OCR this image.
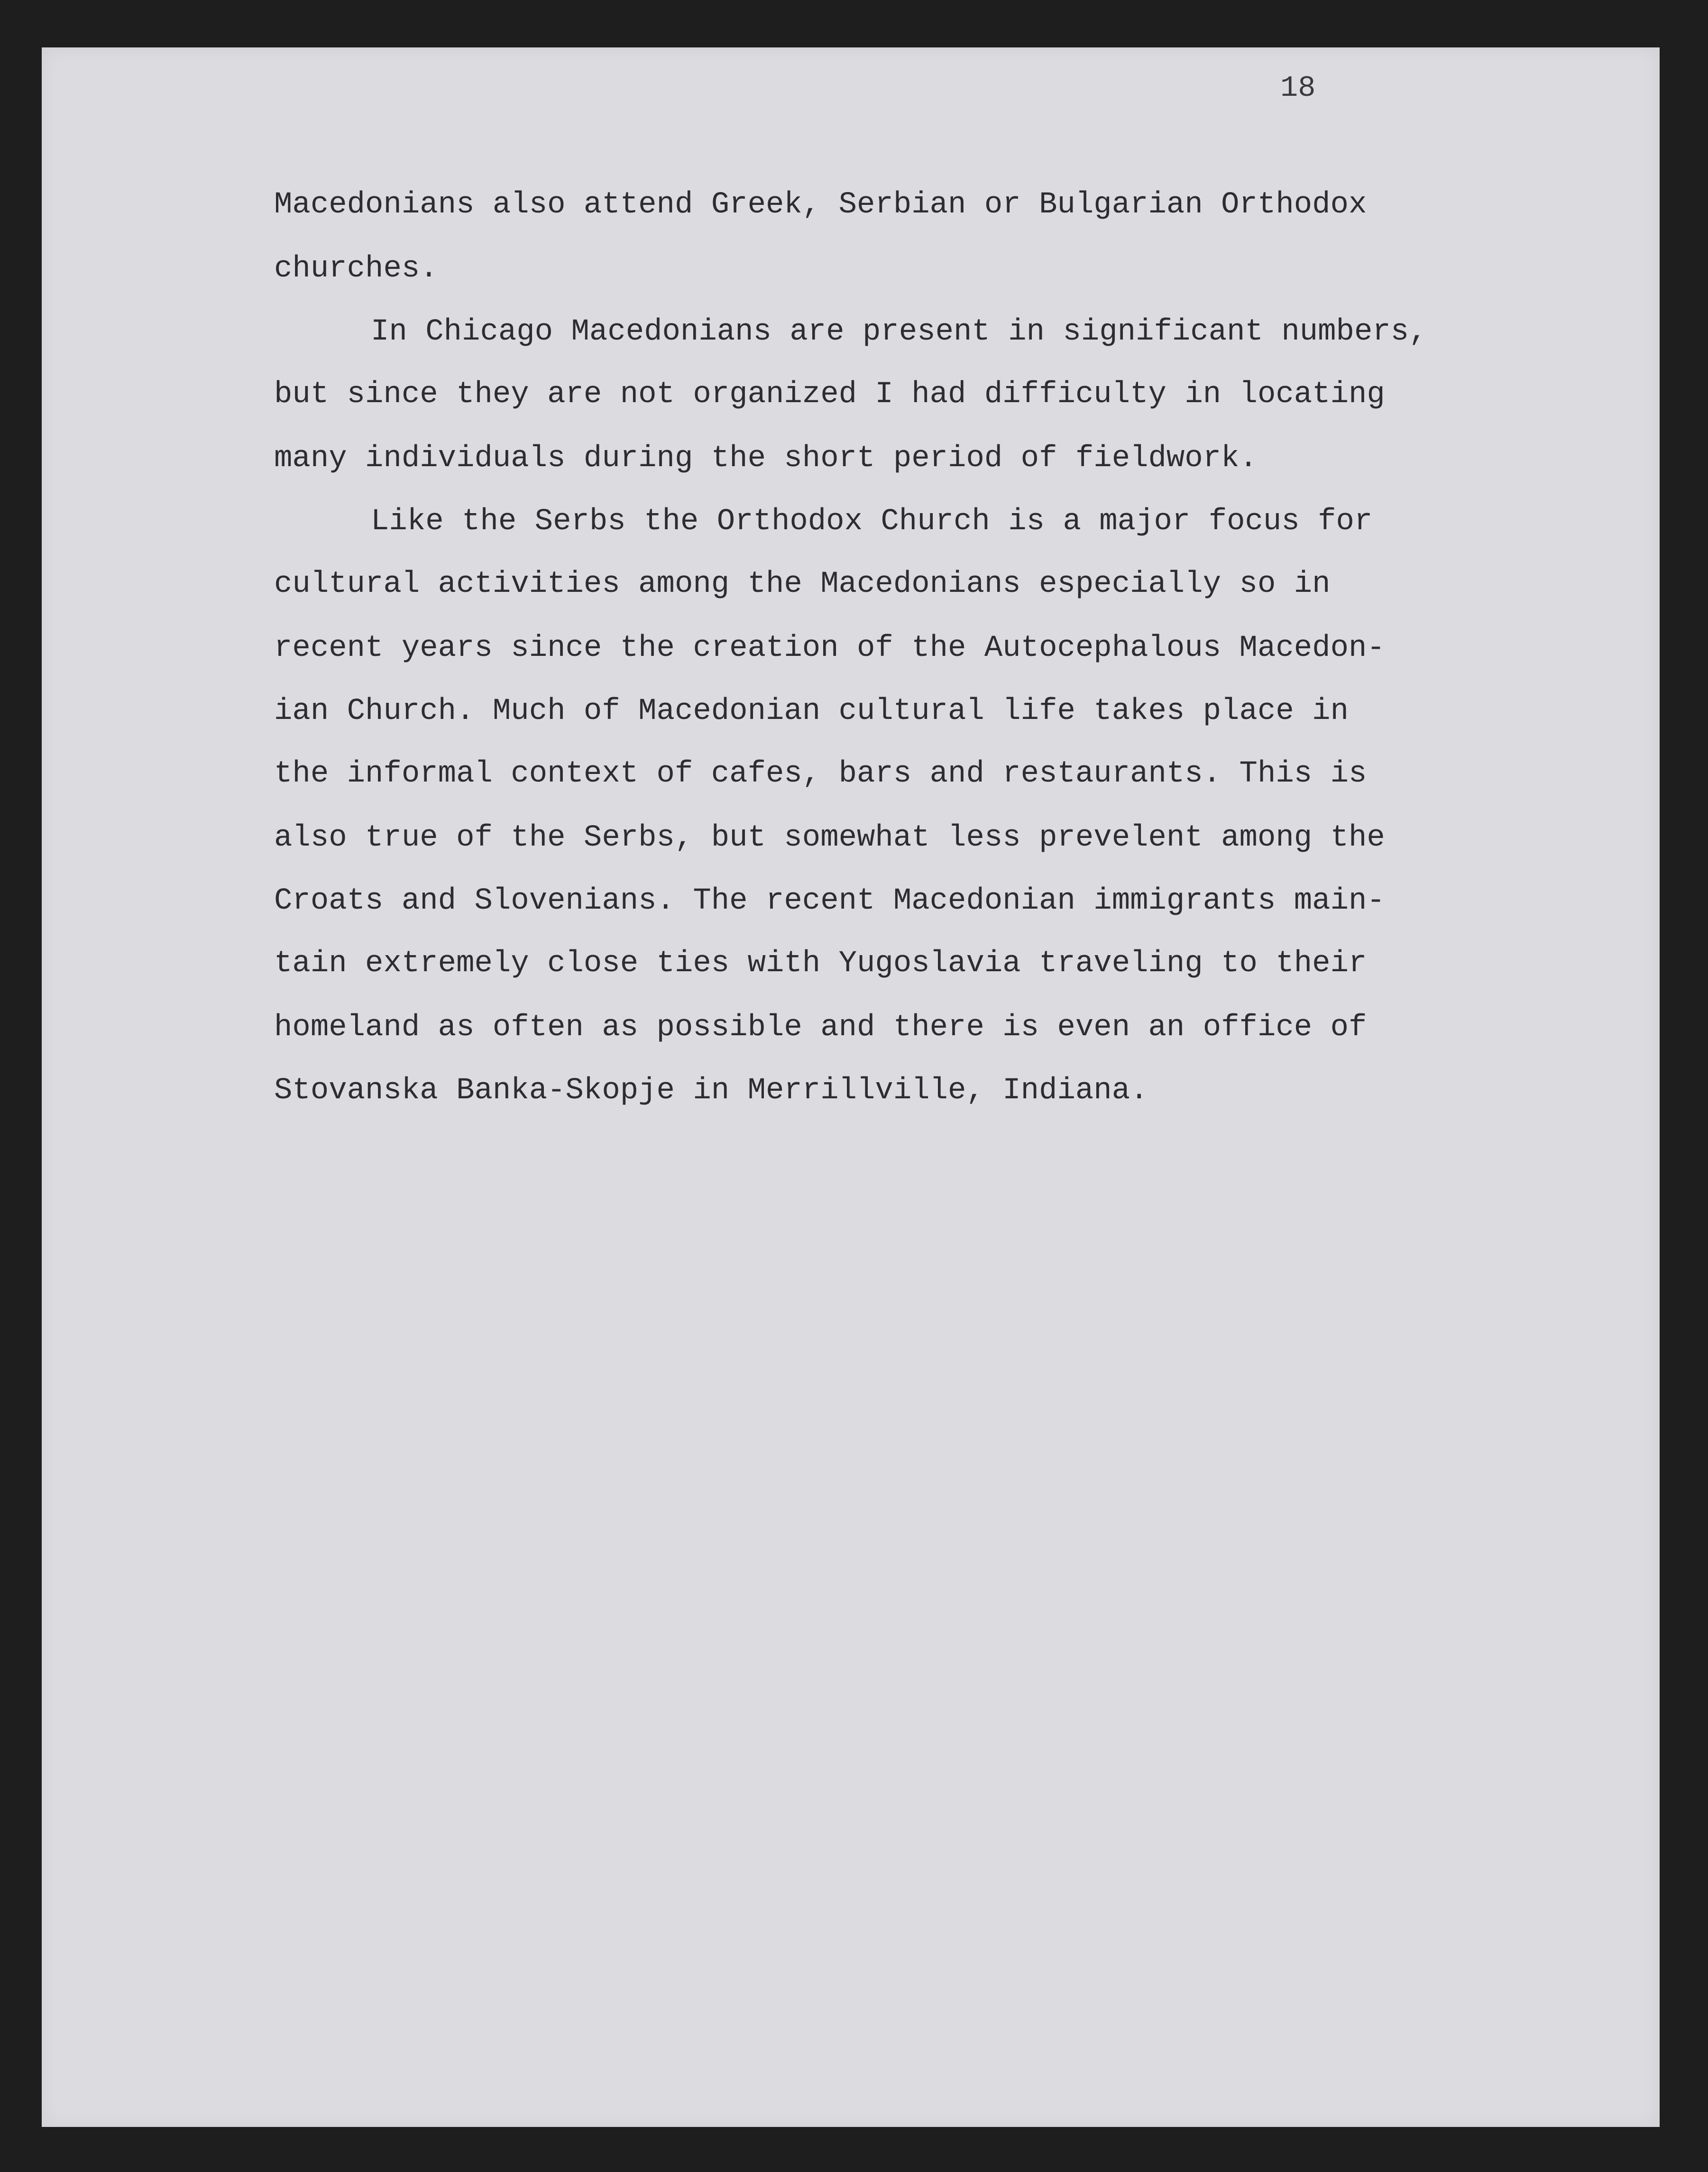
18

Macedonians also attend Greek, Serbian or Bulgarian Orthodox

churches.

In Chicago Macedonians are present in significant numbers,

but since they are not organized I had difficulty in locating

many individuals during the short period of fieldwork.

Like the Serbs the Orthodox Church is a major focus for

cultural activities among the Macedonians especially so in

recent years since the creation of the Autocephalous Macedon-

ian Church. Much of Macedonian cultural life takes place in

the informal context of cafes, bars and restaurants. This is

also true of the Serbs, but somewhat less prevelent among the

Croats and Slovenians. The recent Macedonian immigrants main-

tain extremely close ties with Yugoslavia traveling to their

homeland as often as possible and there is even an office of

Stovanska Banka-Skopje in Merrillville, Indiana.
